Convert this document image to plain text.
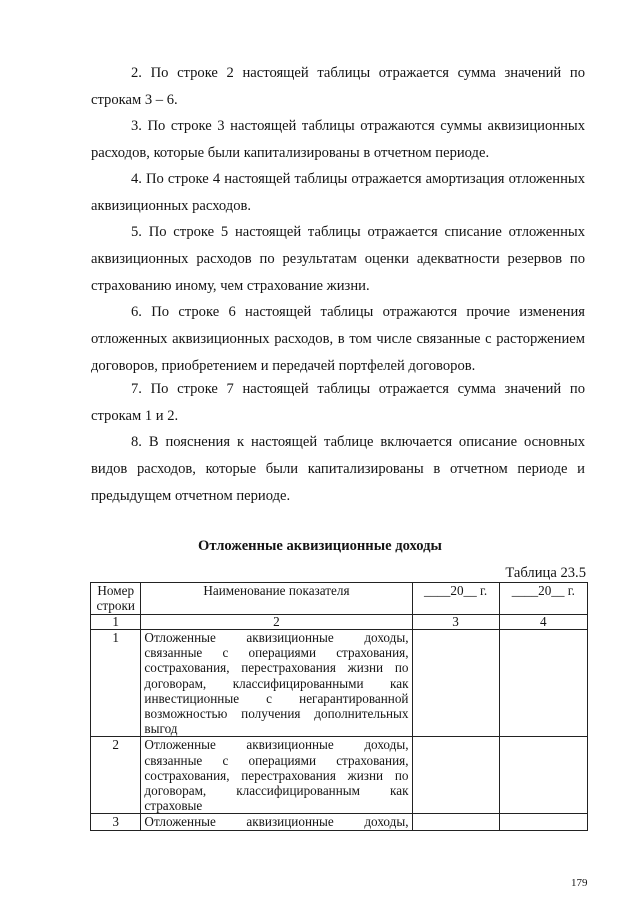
2. По строке 2 настоящей таблицы отражается сумма значений по строкам 3 – 6.

3. По строке 3 настоящей таблицы отражаются суммы аквизиционных расходов, которые были капитализированы в отчетном периоде.

4. По строке 4 настоящей таблицы отражается амортизация отложенных аквизиционных расходов.

5. По строке 5 настоящей таблицы отражается списание отложенных аквизиционных расходов по результатам оценки адекватности резервов по страхованию иному, чем страхование жизни.

6. По строке 6 настоящей таблицы отражаются прочие изменения отложенных аквизиционных расходов, в том числе связанные с расторжением договоров, приобретением и передачей портфелей договоров.

7. По строке 7 настоящей таблицы отражается сумма значений по строкам 1 и 2.

8. В пояснения к настоящей таблице включается описание основных видов расходов, которые были капитализированы в отчетном периоде и предыдущем отчетном периоде.

Отложенные аквизиционные доходы

Таблица 23.5

Номер строки	Наименование показателя	____20__ г.	____20__ г.
1	2	3	4
1	Отложенные аквизиционные доходы, связанные с операциями страхования, сострахования, перестрахования жизни по договорам, классифицированными как инвестиционные с негарантированной возможностью получения дополнительных выгод		
2	Отложенные аквизиционные доходы, связанные с операциями страхования, сострахования, перестрахования жизни по договорам, классифицированным как страховые		
3	Отложенные аквизиционные доходы,		

179
